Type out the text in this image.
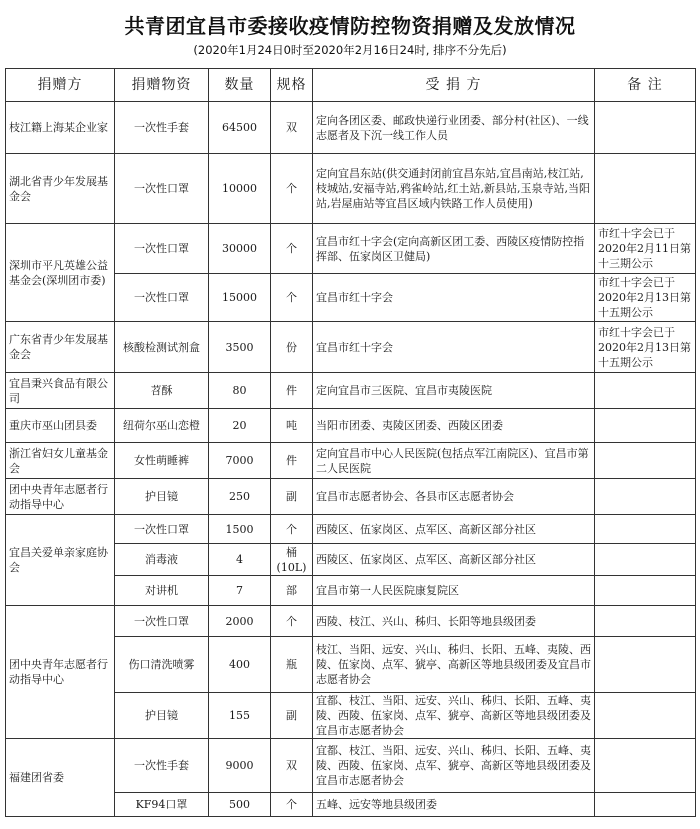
共青团宜昌市委接收疫情防控物资捐赠及发放情况
(2020年1月24日0时至2020年2月16日24时, 排序不分先后)
捐赠方	捐赠物资	数量	规格	受 捐 方	备 注
枝江籍上海某企业家	一次性手套	64500	双	定向各团区委、邮政快递行业团委、部分村(社区)、一线志愿者及下沉一线工作人员	
湖北省青少年发展基金会	一次性口罩	10000	个	定向宜昌东站(供交通封闭前宜昌东站,宜昌南站,枝江站,枝城站,安福寺站,鸦雀岭站,红土站,新县站,玉泉寺站,当阳站,岩屋庙站等宜昌区域内铁路工作人员使用)	
深圳市平凡英雄公益基金会(深圳团市委)	一次性口罩	30000	个	宜昌市红十字会(定向高新区团工委、西陵区疫情防控指挥部、伍家岗区卫健局)	市红十字会已于2020年2月11日第十三期公示
	一次性口罩	15000	个	宜昌市红十字会	市红十字会已于2020年2月13日第十五期公示
广东省青少年发展基金会	核酸检测试剂盒	3500	份	宜昌市红十字会	市红十字会已于2020年2月13日第十五期公示
宜昌秉兴食品有限公司	苕酥	80	件	定向宜昌市三医院、宜昌市夷陵医院	
重庆市巫山团县委	纽荷尔巫山恋橙	20	吨	当阳市团委、夷陵区团委、西陵区团委	
浙江省妇女儿童基金会	女性萌睡裤	7000	件	定向宜昌市中心人民医院(包括点军江南院区)、宜昌市第二人民医院	
团中央青年志愿者行动指导中心	护目镜	250	副	宜昌市志愿者协会、各县市区志愿者协会	
宜昌关爱单亲家庭协会	一次性口罩	1500	个	西陵区、伍家岗区、点军区、高新区部分社区	
	消毒液	4	桶(10L)	西陵区、伍家岗区、点军区、高新区部分社区	
	对讲机	7	部	宜昌市第一人民医院康复院区	
团中央青年志愿者行动指导中心	一次性口罩	2000	个	西陵、枝江、兴山、秭归、长阳等地县级团委	
	伤口清洗喷雾	400	瓶	枝江、当阳、远安、兴山、秭归、长阳、五峰、夷陵、西陵、伍家岗、点军、猇亭、高新区等地县级团委及宜昌市志愿者协会	
	护目镜	155	副	宜都、枝江、当阳、远安、兴山、秭归、长阳、五峰、夷陵、西陵、伍家岗、点军、猇亭、高新区等地县级团委及宜昌市志愿者协会	
福建团省委	一次性手套	9000	双	宜都、枝江、当阳、远安、兴山、秭归、长阳、五峰、夷陵、西陵、伍家岗、点军、猇亭、高新区等地县级团委及宜昌市志愿者协会	
	KF94口罩	500	个	五峰、远安等地县级团委	
